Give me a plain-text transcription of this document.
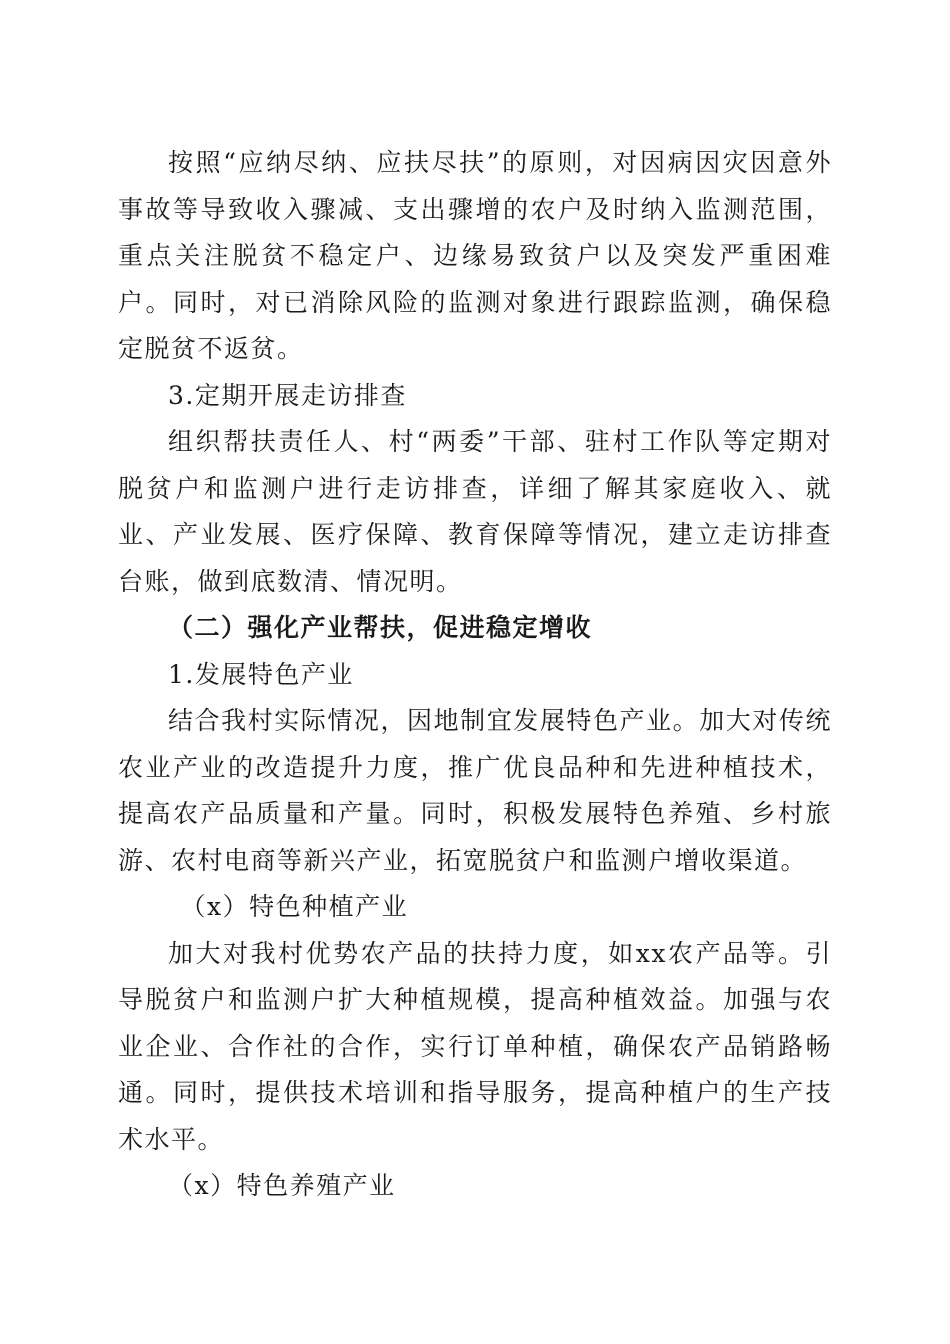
按照“应纳尽纳、应扶尽扶”的原则，对因病因灾因意外事故等导致收入骤减、支出骤增的农户及时纳入监测范围，重点关注脱贫不稳定户、边缘易致贫户以及突发严重困难户。同时，对已消除风险的监测对象进行跟踪监测，确保稳定脱贫不返贫。

3.定期开展走访排查

组织帮扶责任人、村“两委”干部、驻村工作队等定期对脱贫户和监测户进行走访排查，详细了解其家庭收入、就业、产业发展、医疗保障、教育保障等情况，建立走访排查台账，做到底数清、情况明。

（二）强化产业帮扶，促进稳定增收

1.发展特色产业

结合我村实际情况，因地制宜发展特色产业。加大对传统农业产业的改造提升力度，推广优良品种和先进种植技术，提高农产品质量和产量。同时，积极发展特色养殖、乡村旅游、农村电商等新兴产业，拓宽脱贫户和监测户增收渠道。

（x）特色种植产业

加大对我村优势农产品的扶持力度，如xx农产品等。引导脱贫户和监测户扩大种植规模，提高种植效益。加强与农业企业、合作社的合作，实行订单种植，确保农产品销路畅通。同时，提供技术培训和指导服务，提高种植户的生产技术水平。

（x）特色养殖产业
